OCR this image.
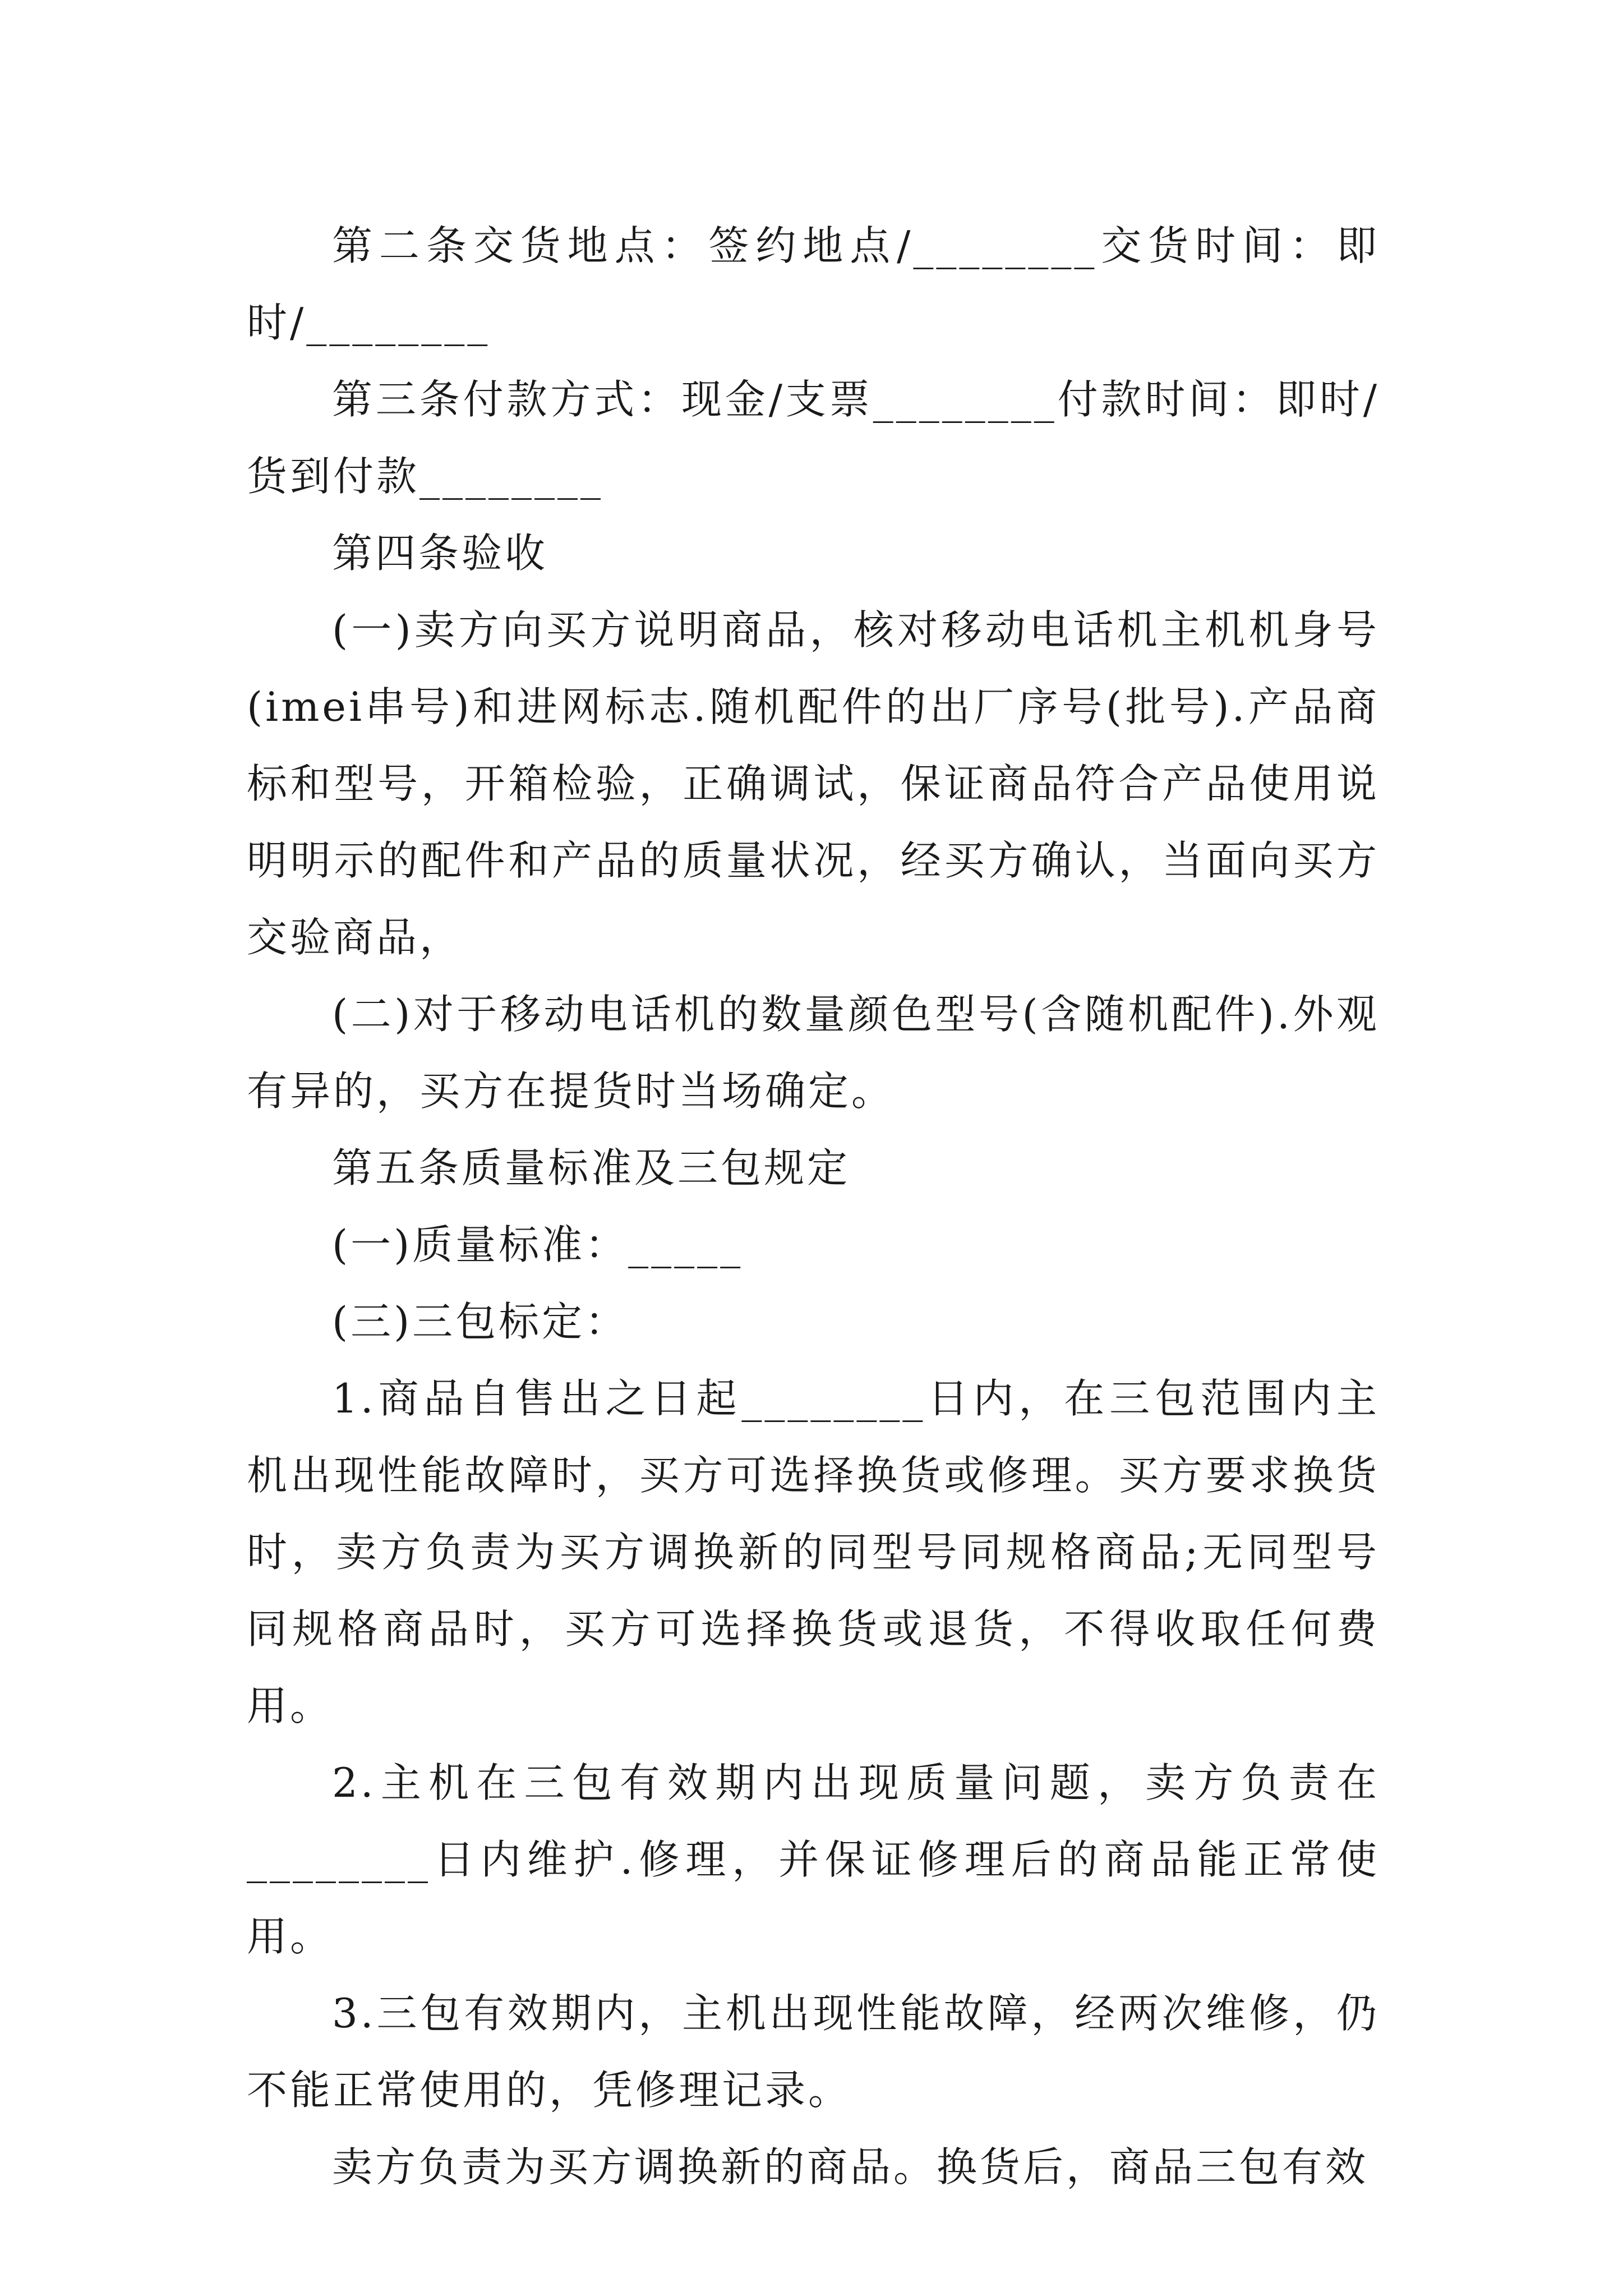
第二条交货地点：签约地点/________交货时间：即时/________

第三条付款方式：现金/支票________付款时间：即时/货到付款________

第四条验收

(一)卖方向买方说明商品，核对移动电话机主机机身号(imei串号)和进网标志.随机配件的出厂序号(批号).产品商标和型号，开箱检验，正确调试，保证商品符合产品使用说明明示的配件和产品的质量状况，经买方确认，当面向买方交验商品，

(二)对于移动电话机的数量颜色型号(含随机配件).外观有异的，买方在提货时当场确定。

第五条质量标准及三包规定

(一)质量标准：_____

(三)三包标定：

1.商品自售出之日起________日内，在三包范围内主机出现性能故障时，买方可选择换货或修理。买方要求换货时，卖方负责为买方调换新的同型号同规格商品;无同型号同规格商品时，买方可选择换货或退货，不得收取任何费用。

2.主机在三包有效期内出现质量问题，卖方负责在________日内维护.修理，并保证修理后的商品能正常使用。

3.三包有效期内，主机出现性能故障，经两次维修，仍不能正常使用的，凭修理记录。

卖方负责为买方调换新的商品。换货后，商品三包有效
